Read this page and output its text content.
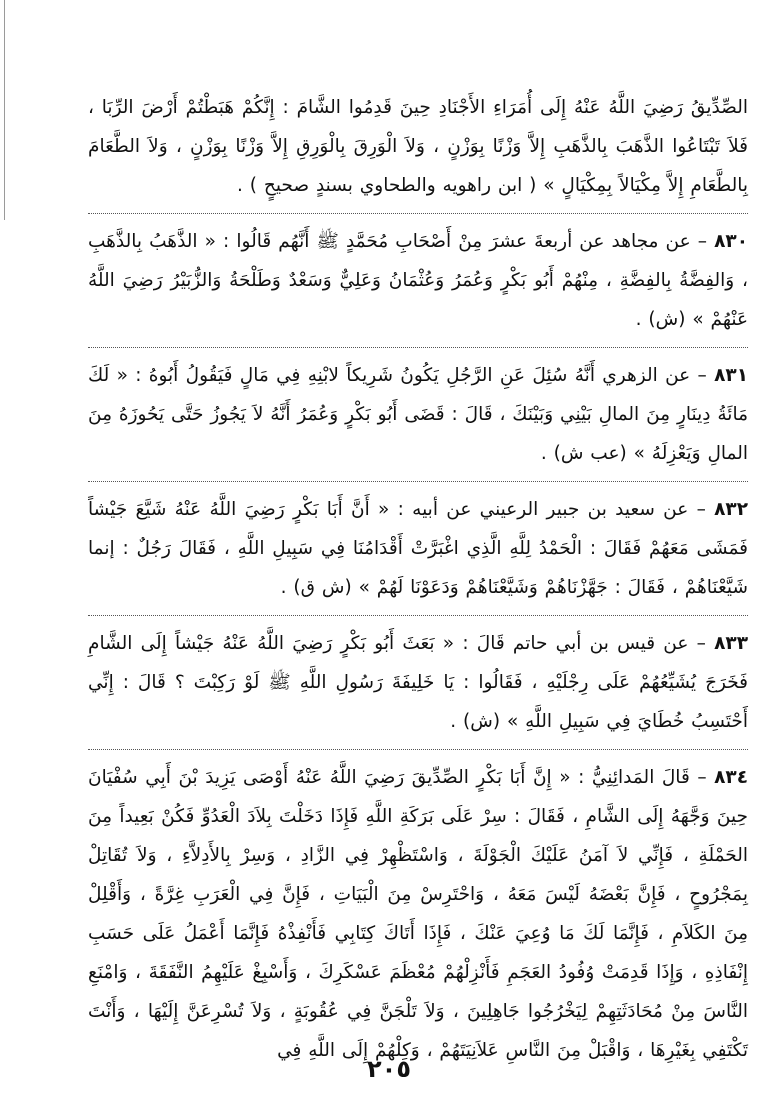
الصِّدِّيقُ رَضِيَ اللَّهُ عَنْهُ إِلَى أُمَرَاءِ الأَجْنَادِ حِينَ قَدِمُوا الشَّامَ : إِنَّكُمْ هَبَطْتُمْ أَرْضَ الرِّبَا ، فَلاَ تَبْتَاعُوا الذَّهَبَ بِالذَّهَبِ إِلاَّ وَزْنًا بِوَزْنٍ ، وَلاَ الْوَرِقَ بِالْوَرِقِ إِلاَّ وَزْنًا بِوَزْنٍ ، وَلاَ الطَّعَامَ بِالطَّعَامِ إِلاَّ مِكْيَالاً بِمِكْيَالٍ » ( ابن راهويه والطحاوي بسندٍ صحيحٍ ) .

٨٣٠ – عن مجاهد عن أربعةَ عشرَ مِنْ أَصْحَابِ مُحَمَّدٍ ﷺ أَنَّهُم قَالُوا : « الذَّهَبُ بِالذَّهَبِ ، وَالفِضَّةُ بِالفِضَّةِ ، مِنْهُمْ أَبُو بَكْرٍ وَعُمَرُ وَعُثْمَانُ وَعَلِيٌّ وَسَعْدٌ وَطَلْحَةُ وَالزُّبَيْرُ رَضِيَ اللَّهُ عَنْهُمْ » (ش) .

٨٣١ – عن الزهري أَنَّهُ سُئِلَ عَنِ الرَّجُلِ يَكُونُ شَرِيكاً لابْنِهِ فِي مَالٍ فَيَقُولُ أَبُوهُ : « لَكَ مَائَةُ دِينَارٍ مِنَ المالِ بَيْنِي وَبَيْنَكَ ، قَالَ : قَضَى أَبُو بَكْرٍ وَعُمَرُ أَنَّهُ لاَ يَجُوزُ حَتَّى يَحُوزَهُ مِنَ المالِ وَيَعْزِلَهُ » (عب ش) .

٨٣٢ – عن سعيد بن جبير الرعيني عن أبيه : « أَنَّ أَبَا بَكْرٍ رَضِيَ اللَّهُ عَنْهُ شَيَّعَ جَيْشاً فَمَشَى مَعَهُمْ فَقَالَ : الْحَمْدُ لِلَّهِ الَّذِي اغْبَرَّتْ أَقْدَامُنَا فِي سَبِيلِ اللَّهِ ، فَقَالَ رَجُلٌ : إنما شَيَّعْنَاهُمْ ، فَقَالَ : جَهَّزْنَاهُمْ وَشَيَّعْنَاهُمْ وَدَعَوْنَا لَهُمْ » (ش ق) .

٨٣٣ – عن قيس بن أبي حاتم قَالَ : « بَعَثَ أَبُو بَكْرٍ رَضِيَ اللَّهُ عَنْهُ جَيْشاً إِلَى الشَّامِ فَخَرَجَ يُشَيِّعُهُمْ عَلَى رِجْلَيْهِ ، فَقَالُوا : يَا خَلِيفَةَ رَسُولِ اللَّهِ ﷺ لَوْ رَكِبْتَ ؟ قَالَ : إِنِّي أَحْتَسِبُ خُطَايَ فِي سَبِيلِ اللَّهِ » (ش) .

٨٣٤ – قَالَ المَدائِنِيُّ : « إِنَّ أَبَا بَكْرٍ الصِّدِّيقَ رَضِيَ اللَّهُ عَنْهُ أَوْصَى يَزِيدَ بْنَ أَبِي سُفْيَانَ حِينَ وَجَّهَهُ إِلَى الشَّامِ ، فَقَالَ : سِرْ عَلَى بَرَكَةِ اللَّهِ فَإِذَا دَخَلْتَ بِلاَدَ الْعَدُوِّ فَكُنْ بَعِيداً مِنَ الحَمْلَةِ ، فَإِنِّي لاَ آمَنُ عَلَيْكَ الْجَوْلَةَ ، وَاسْتَظْهِرْ فِي الزَّادِ ، وَسِرْ بِالأَدِلاَّءِ ، وَلاَ تُقَاتِلْ بِمَجْرُوحٍ ، فَإِنَّ بَعْضَهُ لَيْسَ مَعَهُ ، وَاحْتَرِسْ مِنَ الْبَيَاتِ ، فَإِنَّ فِي الْعَرَبِ غِرَّةً ، وَأَقْلِلْ مِنَ الكَلاَمِ ، فَإِنَّمَا لَكَ مَا وُعِيَ عَنْكَ ، فَإِذَا أَتَاكَ كِتَابِي فَأَنْفِذْهُ فَإِنَّمَا أَعْمَلُ عَلَى حَسَبِ إِنْفَاذِهِ ، وَإِذَا قَدِمَتْ وُفُودُ العَجَمِ فَأَنْزِلْهُمْ مُعْظَمَ عَسْكَرِكَ ، وَأَسْبِغْ عَلَيْهِمُ النَّفَقَةَ ، وَامْنَعِ النَّاسَ مِنْ مُحَادَثَتِهِمْ لِيَخْرُجُوا جَاهِلِينَ ، وَلاَ تَلْجَنَّ فِي عُقُوبَةٍ ، وَلاَ تُسْرِعَنَّ إِلَيْهَا ، وَأَنْتَ تَكْتَفِي بِغَيْرِهَا ، وَاقْبَلْ مِنَ النَّاسِ عَلاَنِيَتَهُمْ ، وَكِلْهُمْ إِلَى اللَّهِ فِي

٢٠٥
